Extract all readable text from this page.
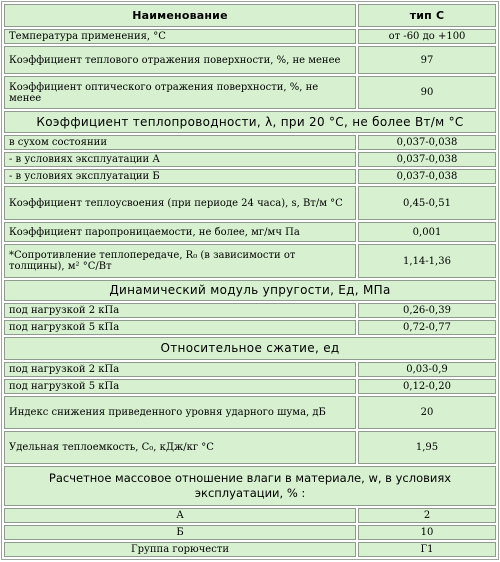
Наименование	тип С
Температура применения, °С	от -60 до +100
Коэффициент теплового отражения поверхности, %, не менее	97
Коэффициент оптического отражения поверхности, %, не менее	90
Коэффициент теплопроводности, λ, при 20 °С, не более Вт/м °С	
в сухом состоянии	0,037-0,038
- в условиях эксплуатации А	0,037-0,038
- в условиях эксплуатации Б	0,037-0,038
Коэффициент теплоусвоения (при периоде 24 часа), s, Вт/м °С	0,45-0,51
Коэффициент паропроницаемости, не более, мг/мч Па	0,001
*Сопротивление теплопередаче, R₀ (в зависимости от толщины), м² °С/Вт	1,14-1,36
Динамический модуль упругости, Ед, МПа	
под нагрузкой 2 кПа	0,26-0,39
под нагрузкой 5 кПа	0,72-0,77
Относительное сжатие, ед	
под нагрузкой 2 кПа	0,03-0,9
под нагрузкой 5 кПа	0,12-0,20
Индекс снижения приведенного уровня ударного шума, дБ	20
Удельная теплоемкость, С₀, кДж/кг °С	1,95
Расчетное массовое отношение влаги в материале, w, в условиях эксплуатации, % :	
А	2
Б	10
Группа горючести	Г1
